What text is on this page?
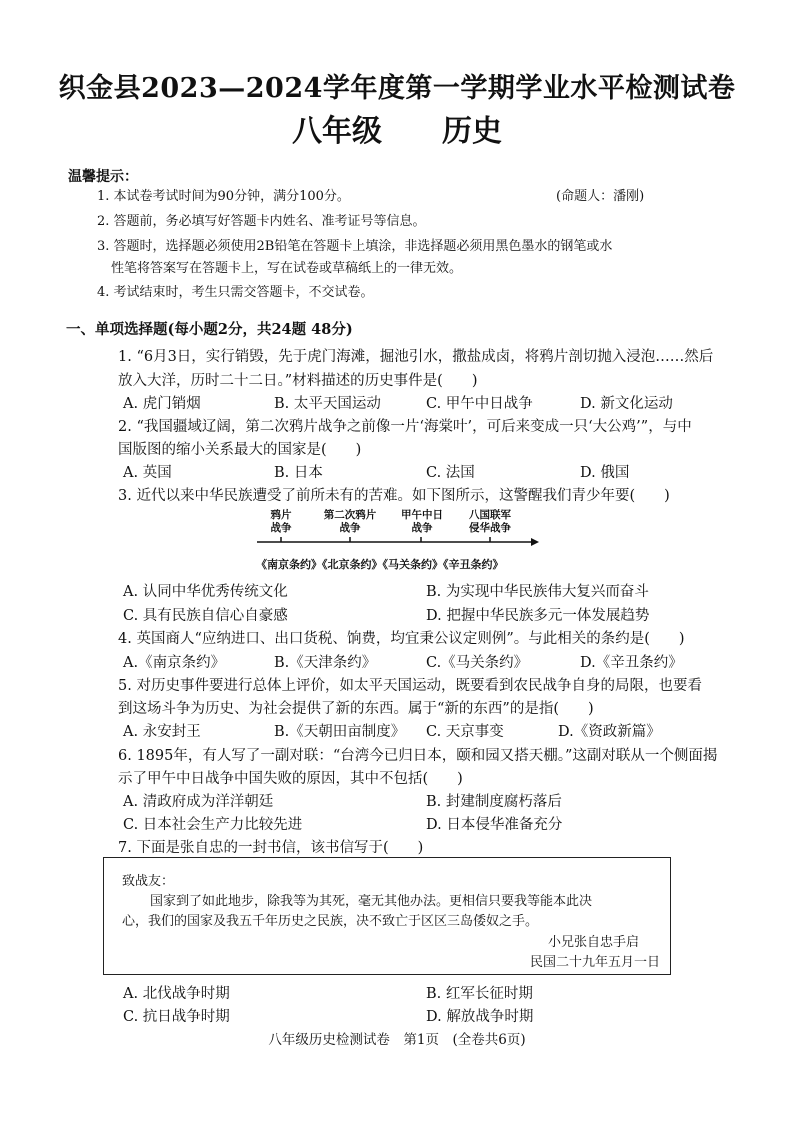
织金县2023—2024学年度第一学期学业水平检测试卷
八年级 历史
温馨提示：
(命题人：潘刚)
1. 本试卷考试时间为90分钟，满分100分。
2. 答题前，务必填写好答题卡内姓名、准考证号等信息。
3. 答题时，选择题必须使用2B铅笔在答题卡上填涂，非选择题必须用黑色墨水的钢笔或水
性笔将答案写在答题卡上，写在试卷或草稿纸上的一律无效。
4. 考试结束时，考生只需交答题卡，不交试卷。
一、单项选择题(每小题2分，共24题 48分)
1. “6月3日，实行销毁，先于虎门海滩，掘池引水，撒盐成卤，将鸦片剖切抛入浸泡……然后
放入大洋，历时二十二日。”材料描述的历史事件是(　　)
A. 虎门销烟	B. 太平天国运动	C. 甲午中日战争	D. 新文化运动
2. “我国疆域辽阔，第二次鸦片战争之前像一片‘海棠叶’，可后来变成一只‘大公鸡’”，与中
国版图的缩小关系最大的国家是(　　)
A. 英国	B. 日本	C. 法国	D. 俄国
3. 近代以来中华民族遭受了前所未有的苦难。如下图所示，这警醒我们青少年要(　　)
鸦片
战争
第二次鸦片
战争
甲午中日
战争
八国联军
侵华战争
《南京条约》《北京条约》《马关条约》《辛丑条约》
A. 认同中华优秀传统文化	B. 为实现中华民族伟大复兴而奋斗
C. 具有民族自信心自豪感	D. 把握中华民族多元一体发展趋势
4. 英国商人“应纳进口、出口货税、饷费，均宜秉公议定则例”。与此相关的条约是(　　)
A.《南京条约》	B.《天津条约》	C.《马关条约》	D.《辛丑条约》
5. 对历史事件要进行总体上评价，如太平天国运动，既要看到农民战争自身的局限，也要看
到这场斗争为历史、为社会提供了新的东西。属于“新的东西”的是指(　　)
A. 永安封王	B.《天朝田亩制度》 C. 天京事变	D.《资政新篇》
6. 1895年，有人写了一副对联：“台湾今已归日本，颐和园又搭天棚。”这副对联从一个侧面揭
示了甲午中日战争中国失败的原因，其中不包括(　　)
A. 清政府成为洋洋朝廷	B. 封建制度腐朽落后
C. 日本社会生产力比较先进	D. 日本侵华准备充分
7. 下面是张自忠的一封书信，该书信写于(　　)
致战友：
国家到了如此地步，除我等为其死，毫无其他办法。更相信只要我等能本此决
心，我们的国家及我五千年历史之民族，决不致亡于区区三岛倭奴之手。
小兄张自忠手启
民国二十九年五月一日
A. 北伐战争时期	B. 红军长征时期
C. 抗日战争时期	D. 解放战争时期
八年级历史检测试卷　第1页　(全卷共6页)
